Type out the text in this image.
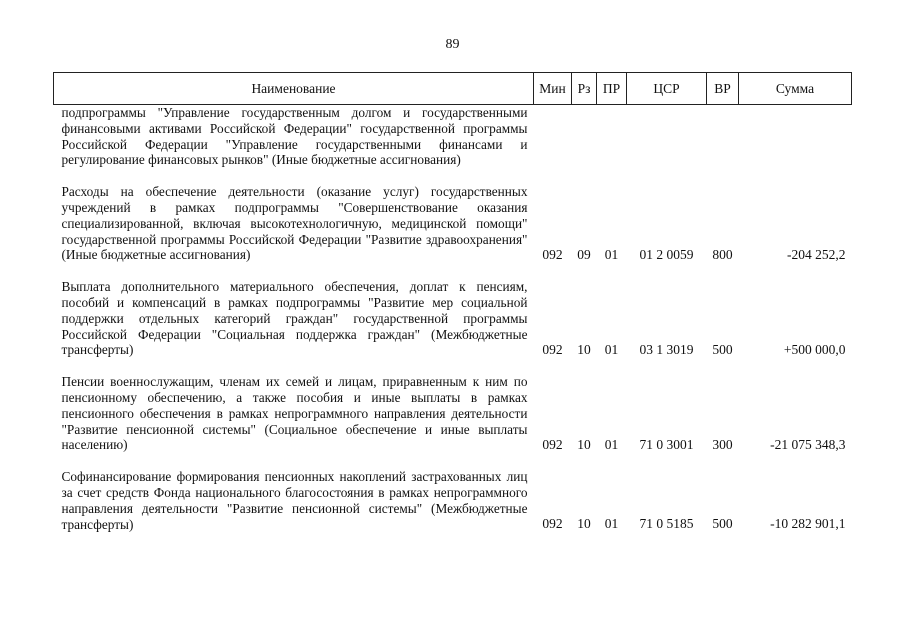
89
Наименование	Мин	Рз	ПР	ЦСР	ВР	Сумма
подпрограммы "Управление государственным долгом и государственными финансовыми активами Российской Федерации" государственной программы Российской Федерации "Управление государственными финансами и регулирование финансовых рынков" (Иные бюджетные ассигнования)						
Расходы на обеспечение деятельности (оказание услуг) государственных учреждений в рамках подпрограммы "Совершенствование оказания специализированной, включая высокотехнологичную, медицинской помощи" государственной программы Российской Федерации "Развитие здравоохранения" (Иные бюджетные ассигнования)	092	09	01	01 2 0059	800	-204 252,2
Выплата дополнительного материального обеспечения, доплат к пенсиям, пособий и компенсаций в рамках подпрограммы "Развитие мер социальной поддержки отдельных категорий граждан" государственной программы Российской Федерации "Социальная поддержка граждан" (Межбюджетные трансферты)	092	10	01	03 1 3019	500	+500 000,0
Пенсии военнослужащим, членам их семей и лицам, приравненным к ним по пенсионному обеспечению, а также пособия и иные выплаты в рамках пенсионного обеспечения в рамках непрограммного направления деятельности "Развитие пенсионной системы" (Социальное обеспечение и иные выплаты населению)	092	10	01	71 0 3001	300	-21 075 348,3
Софинансирование формирования пенсионных накоплений застрахованных лиц за счет средств Фонда национального благосостояния в рамках непрограммного направления деятельности "Развитие пенсионной системы" (Межбюджетные трансферты)	092	10	01	71 0 5185	500	-10 282 901,1
